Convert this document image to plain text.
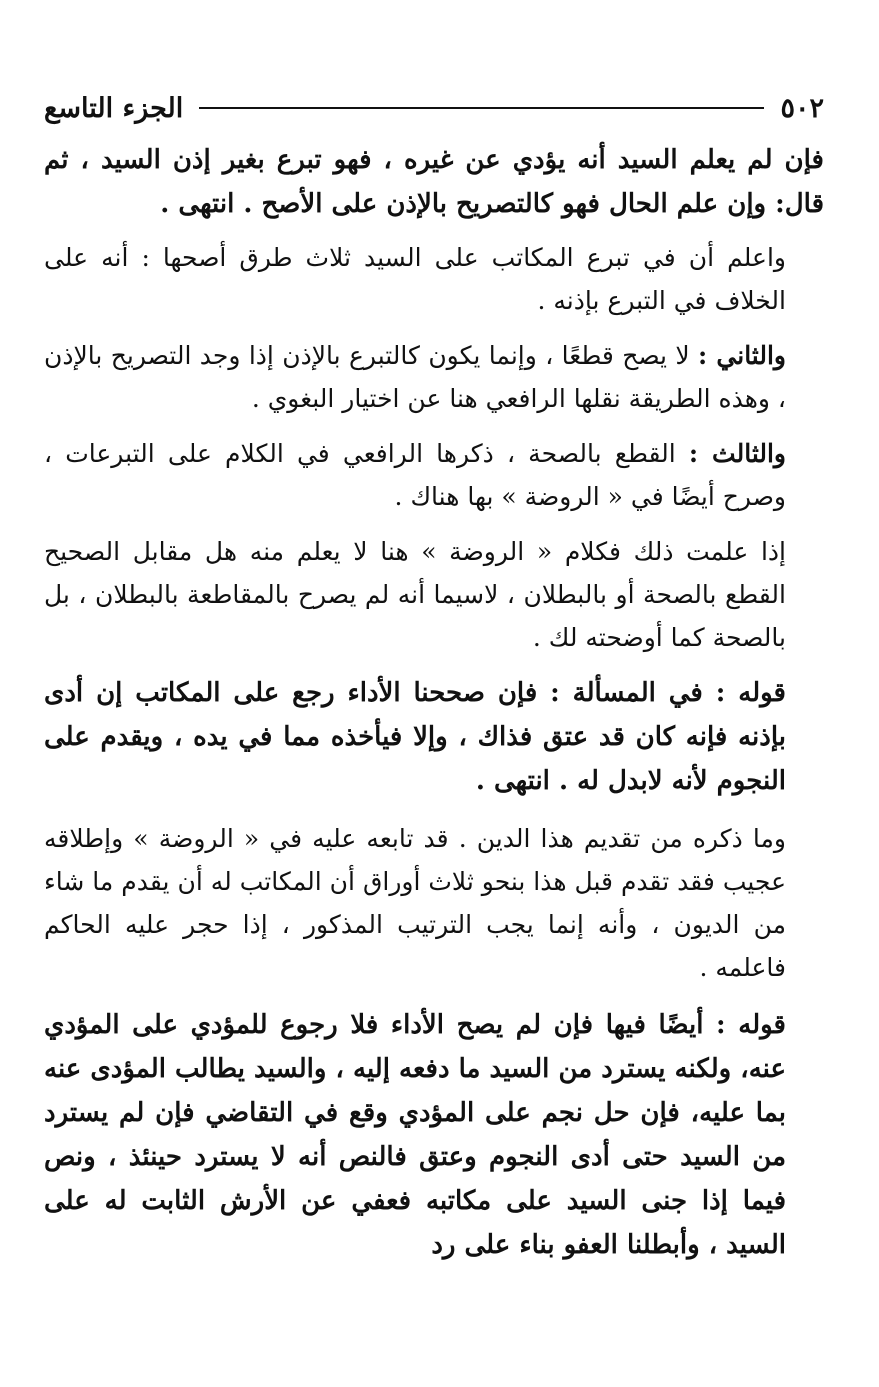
٥٠٢
الجزء التاسع

فإن لم يعلم السيد أنه يؤدي عن غيره ، فهو تبرع بغير إذن السيد ، ثم قال: وإن علم الحال فهو كالتصريح بالإذن على الأصح . انتهى .

واعلم أن في تبرع المكاتب على السيد ثلاث طرق أصحها : أنه على الخلاف في التبرع بإذنه .

والثاني : لا يصح قطعًا ، وإنما يكون كالتبرع بالإذن إذا وجد التصريح بالإذن ، وهذه الطريقة نقلها الرافعي هنا عن اختيار البغوي .

والثالث : القطع بالصحة ، ذكرها الرافعي في الكلام على التبرعات ، وصرح أيضًا في « الروضة » بها هناك .

إذا علمت ذلك فكلام « الروضة » هنا لا يعلم منه هل مقابل الصحيح القطع بالصحة أو بالبطلان ، لاسيما أنه لم يصرح بالمقاطعة بالبطلان ، بل بالصحة كما أوضحته لك .

قوله : في المسألة : فإن صححنا الأداء رجع على المكاتب إن أدى بإذنه فإنه كان قد عتق فذاك ، وإلا فيأخذه مما في يده ، ويقدم على النجوم لأنه لابدل له . انتهى .

وما ذكره من تقديم هذا الدين . قد تابعه عليه في « الروضة » وإطلاقه عجيب فقد تقدم قبل هذا بنحو ثلاث أوراق أن المكاتب له أن يقدم ما شاء من الديون ، وأنه إنما يجب الترتيب المذكور ، إذا حجر عليه الحاكم فاعلمه .

قوله : أيضًا فيها فإن لم يصح الأداء فلا رجوع للمؤدي على المؤدي عنه، ولكنه يسترد من السيد ما دفعه إليه ، والسيد يطالب المؤدى عنه بما عليه، فإن حل نجم على المؤدي وقع في التقاضي فإن لم يسترد من السيد حتى أدى النجوم وعتق فالنص أنه لا يسترد حينئذ ، ونص فيما إذا جنى السيد على مكاتبه فعفي عن الأرش الثابت له على السيد ، وأبطلنا العفو بناء على رد
